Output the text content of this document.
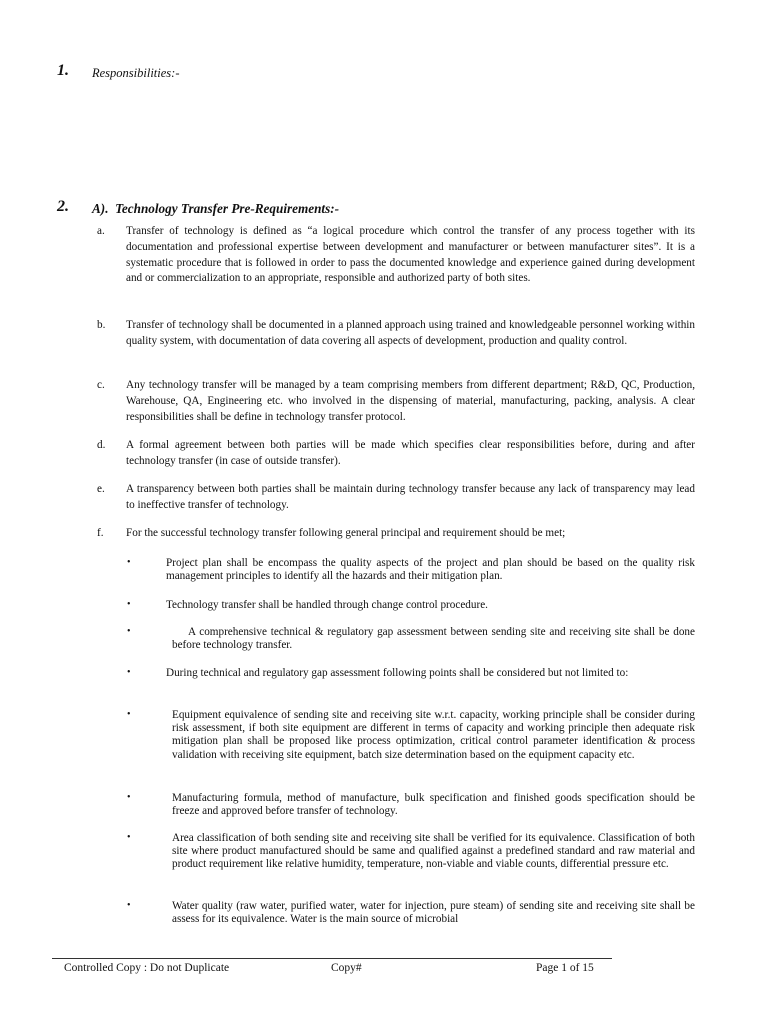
1. Responsibilities:-
2. A).  Technology Transfer Pre-Requirements:-
a. Transfer of technology is defined as “a logical procedure which control the transfer of any process together with its documentation and professional expertise between development and manufacturer or between manufacturer sites”. It is a systematic procedure that is followed in order to pass the documented knowledge and experience gained during development and or commercialization to an appropriate, responsible and authorized party of both sites.
b. Transfer of technology shall be documented in a planned approach using trained and knowledgeable personnel working within quality system, with documentation of data covering all aspects of development, production and quality control.
c. Any technology transfer will be managed by a team comprising members from different department; R&D, QC, Production, Warehouse, QA, Engineering etc. who involved in the dispensing of material, manufacturing, packing, analysis. A clear responsibilities shall be define in technology transfer protocol.
d. A formal agreement between both parties will be made which specifies clear responsibilities before, during and after technology transfer (in case of outside transfer).
e. A transparency between both parties shall be maintain during technology transfer because any lack of transparency may lead to ineffective transfer of technology.
f. For the successful technology transfer following general principal and requirement should be met;
•	Project plan shall be encompass the quality aspects of the project and plan should be based on the quality risk management principles to identify all the hazards and their mitigation plan.
•	Technology transfer shall be handled through change control procedure.
•	A comprehensive technical & regulatory gap assessment between sending site and receiving site shall be done before technology transfer.
•	During technical and regulatory gap assessment following points shall be considered but not limited to:
•	Equipment equivalence of sending site and receiving site w.r.t. capacity, working principle shall be consider during risk assessment, if both site equipment are different in terms of capacity and working principle then adequate risk mitigation plan shall be proposed like process optimization, critical control parameter identification & process validation with receiving site equipment, batch size determination based on the equipment capacity etc.
•	Manufacturing formula, method of manufacture, bulk specification and finished goods specification should be freeze and approved before transfer of technology.
•	Area classification of both sending site and receiving site shall be verified for its equivalence. Classification of both site where product manufactured should be same and qualified against a predefined standard and raw material and product requirement like relative humidity, temperature, non-viable and viable counts, differential pressure etc.
•	Water quality (raw water, purified water, water for injection, pure steam) of sending site and receiving site shall be assess for its equivalence. Water is the main source of microbial
Controlled Copy : Do not Duplicate	Copy#	Page 1 of 15
